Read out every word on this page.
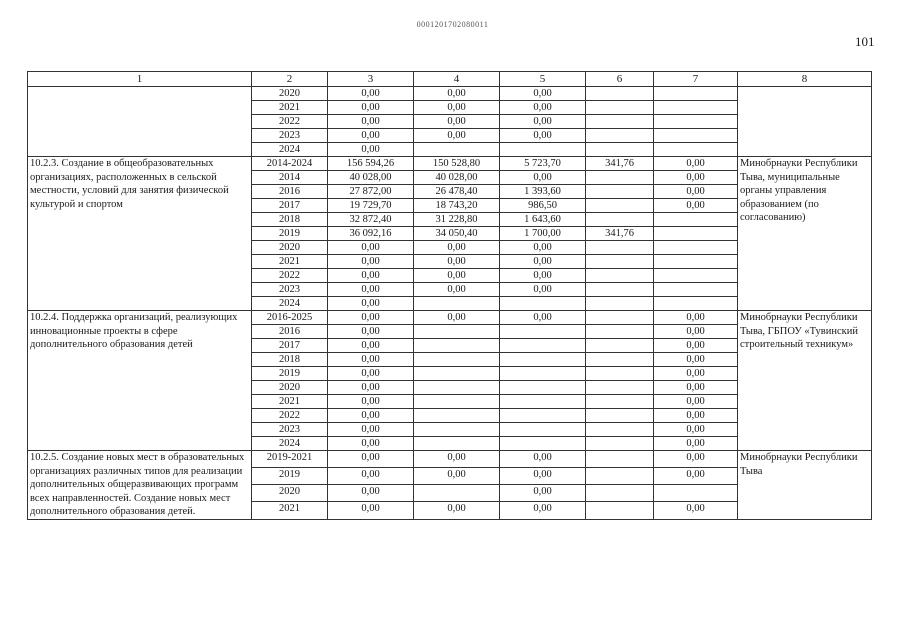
0001201702080011
101
1	2	3	4	5	6	7	8
	2020	0,00	0,00	0,00			
	2021	0,00	0,00	0,00			
	2022	0,00	0,00	0,00			
	2023	0,00	0,00	0,00			
	2024	0,00					
10.2.3. Создание в общеобразовательных организациях, расположенных в сельской местности, условий для занятия физической культурой и спортом	2014-2024	156 594,26	150 528,80	5 723,70	341,76	0,00	Минобрнауки Республики Тыва, муниципальные органы управления образованием (по согласованию)
	2014	40 028,00	40 028,00	0,00		0,00	
	2016	27 872,00	26 478,40	1 393,60		0,00	
	2017	19 729,70	18 743,20	986,50		0,00	
	2018	32 872,40	31 228,80	1 643,60			
	2019	36 092,16	34 050,40	1 700,00	341,76		
	2020	0,00	0,00	0,00			
	2021	0,00	0,00	0,00			
	2022	0,00	0,00	0,00			
	2023	0,00	0,00	0,00			
	2024	0,00					
10.2.4. Поддержка организаций, реализующих инновационные проекты в сфере дополнительного образования детей	2016-2025	0,00	0,00	0,00		0,00	Минобрнауки Республики Тыва, ГБПОУ «Тувинский строительный техникум»
	2016	0,00				0,00	
	2017	0,00				0,00	
	2018	0,00				0,00	
	2019	0,00				0,00	
	2020	0,00				0,00	
	2021	0,00				0,00	
	2022	0,00				0,00	
	2023	0,00				0,00	
	2024	0,00				0,00	
10.2.5. Создание новых мест в образовательных организациях различных типов для реализации дополнительных общеразвивающих программ всех направленностей. Создание новых мест дополнительного образования детей.	2019-2021	0,00	0,00	0,00		0,00	Минобрнауки Республики Тыва
	2019	0,00	0,00	0,00		0,00	
	2020	0,00		0,00			
	2021	0,00	0,00	0,00		0,00	
